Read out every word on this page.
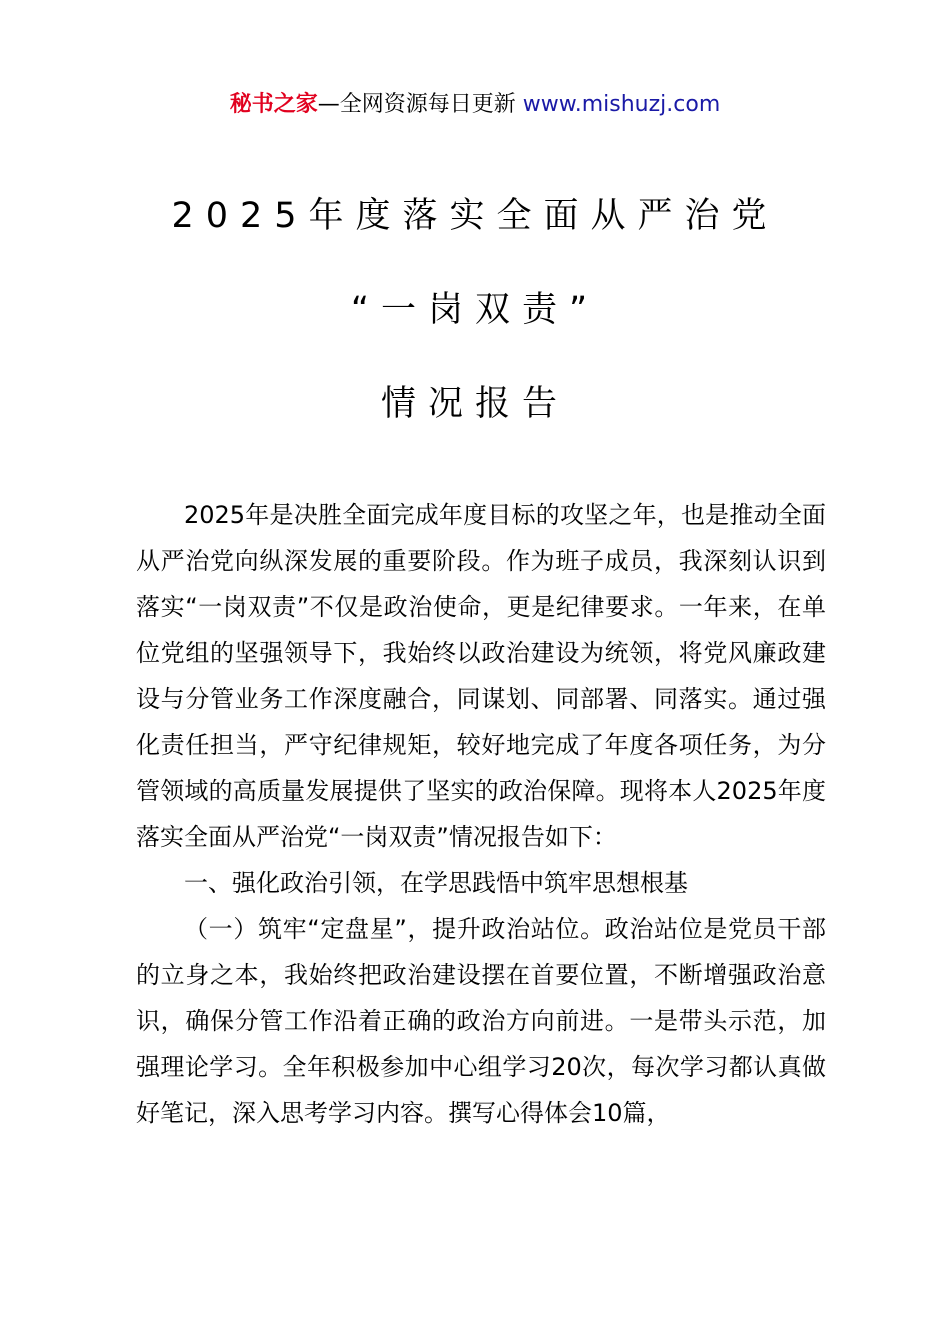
秘书之家—全网资源每日更新 www.mishuzj.com
2025年度落实全面从严治党
“一岗双责”
情况报告

2025年是决胜全面完成年度目标的攻坚之年，也是推动全面从严治党向纵深发展的重要阶段。作为班子成员，我深刻认识到落实“一岗双责”不仅是政治使命，更是纪律要求。一年来，在单位党组的坚强领导下，我始终以政治建设为统领，将党风廉政建设与分管业务工作深度融合，同谋划、同部署、同落实。通过强化责任担当，严守纪律规矩，较好地完成了年度各项任务，为分管领域的高质量发展提供了坚实的政治保障。现将本人2025年度落实全面从严治党“一岗双责”情况报告如下：

一、强化政治引领，在学思践悟中筑牢思想根基

（一）筑牢“定盘星”，提升政治站位。政治站位是党员干部的立身之本，我始终把政治建设摆在首要位置，不断增强政治意识，确保分管工作沿着正确的政治方向前进。一是带头示范，加强理论学习。全年积极参加中心组学习20次，每次学习都认真做好笔记，深入思考学习内容。撰写心得体会10篇，
